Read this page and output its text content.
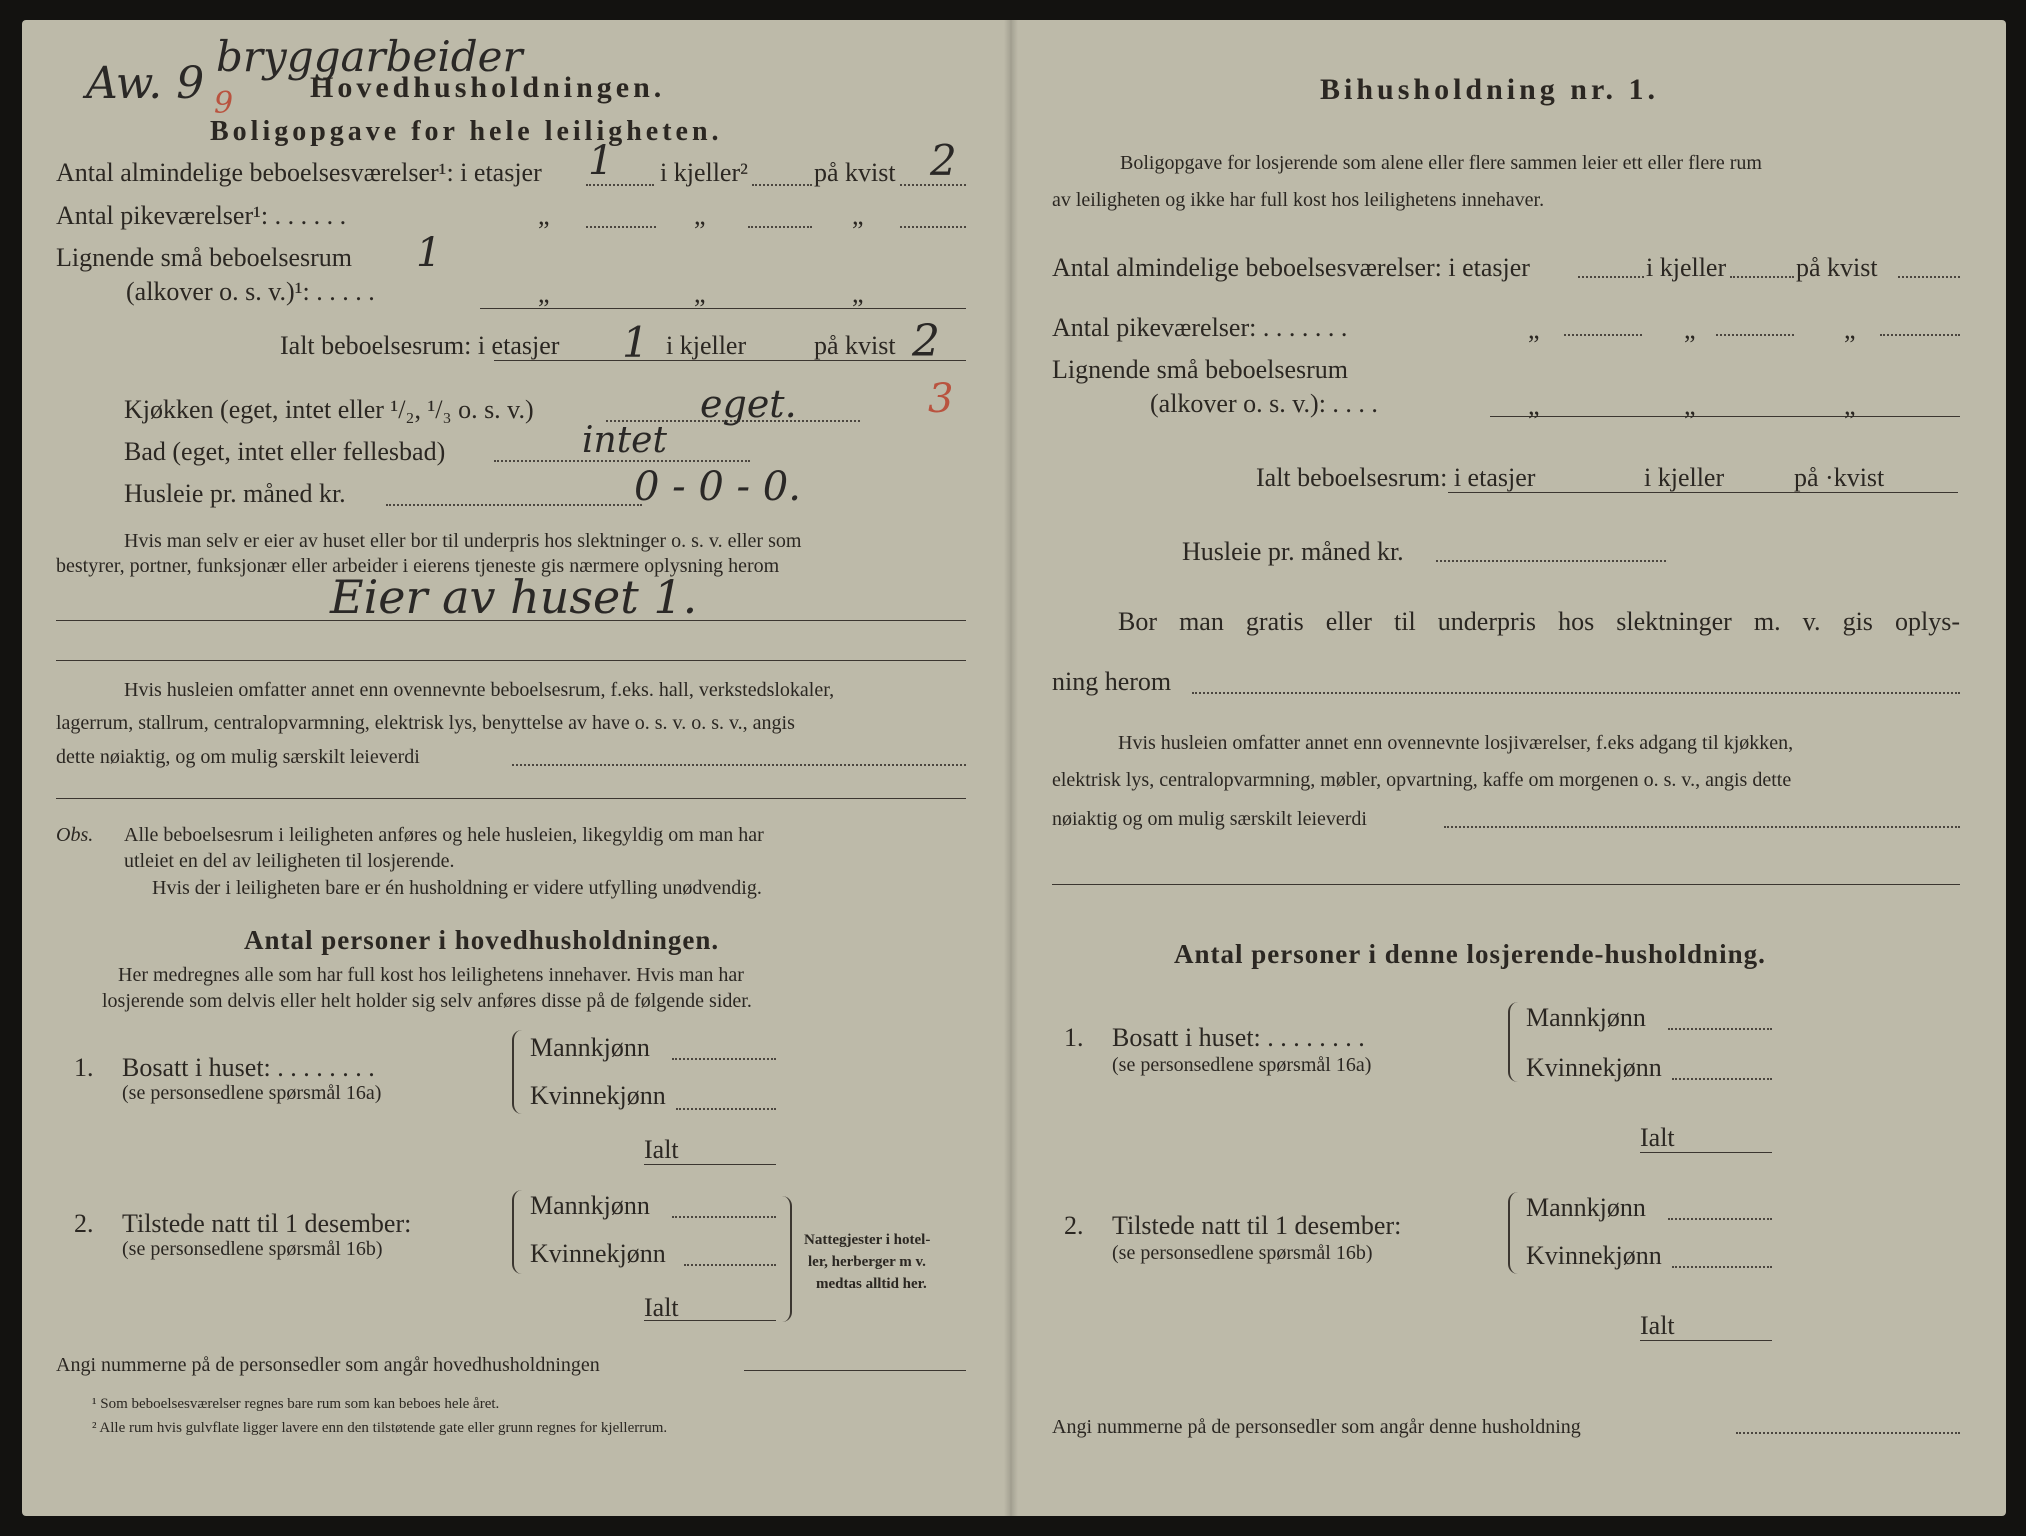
Aw. 9
bryggarbeider
9	Hovedhusholdningen.
Boligopgave for hele leiligheten.
Antal almindelige beboelsesværelser¹: i etasjer 1 i kjeller²	på kvist 2
Antal pikeværelser¹: . . . . . .	„	„	„
Lignende små beboelsesrum 1
(alkover o. s. v.)¹: . . . . .	„	„	„
Ialt beboelsesrum: i etasjer 1 i kjeller	på kvist 2
3
Kjøkken (eget, intet eller ¹/₂, ¹/₃ o. s. v.)	eget.
Bad (eget, intet eller fellesbad)	intet
Husleie pr. måned kr.	0 - 0 - 0.
Hvis man selv er eier av huset eller bor til underpris hos slektninger o. s. v. eller som
bestyrer, portner, funksjonær eller arbeider i eierens tjeneste gis nærmere oplysning herom
Eier av huset 1.
Hvis husleien omfatter annet enn ovennevnte beboelsesrum, f.eks. hall, verkstedslokaler,
lagerrum, stallrum, centralopvarmning, elektrisk lys, benyttelse av have o. s. v. o. s. v., angis
dette nøiaktig, og om mulig særskilt leieverdi
Obs. Alle beboelsesrum i leiligheten anføres og hele husleien, likegyldig om man har
utleiet en del av leiligheten til losjerende.
Hvis der i leiligheten bare er én husholdning er videre utfylling unødvendig.
Antal personer i hovedhusholdningen.
Her medregnes alle som har full kost hos leilighetens innehaver. Hvis man har
losjerende som delvis eller helt holder sig selv anføres disse på de følgende sider.
1. Bosatt i huset: . . . . . . . .
(se personsedlene spørsmål 16a)
Mannkjønn
Kvinnekjønn
Ialt
2. Tilstede natt til 1 desember:
(se personsedlene spørsmål 16b)
Mannkjønn
Kvinnekjønn
Ialt
Nattegjester i hotel-
ler, herberger m v.
medtas alltid her.
Angi nummerne på de personsedler som angår hovedhusholdningen
¹ Som beboelsesværelser regnes bare rum som kan beboes hele året.
² Alle rum hvis gulvflate ligger lavere enn den tilstøtende gate eller grunn regnes for kjellerrum.
Bihusholdning nr. 1.
Boligopgave for losjerende som alene eller flere sammen leier ett eller flere rum
av leiligheten og ikke har full kost hos leilighetens innehaver.
Antal almindelige beboelsesværelser: i etasjer	i kjeller	på kvist
Antal pikeværelser: . . . . . . .	„	„	„
Lignende små beboelsesrum
(alkover o. s. v.): . . . .	„	„	„
Ialt beboelsesrum: i etasjer	i kjeller	på ·kvist
Husleie pr. måned kr.
Bor man gratis eller til underpris hos slektninger m. v. gis oplys-
ning herom
Hvis husleien omfatter annet enn ovennevnte losjiværelser, f.eks adgang til kjøkken,
elektrisk lys, centralopvarmning, møbler, opvartning, kaffe om morgenen o. s. v., angis dette
nøiaktig og om mulig særskilt leieverdi
Antal personer i denne losjerende-husholdning.
1. Bosatt i huset: . . . . . . . .
(se personsedlene spørsmål 16a)
Mannkjønn
Kvinnekjønn
Ialt
2. Tilstede natt til 1 desember:
(se personsedlene spørsmål 16b)
Mannkjønn
Kvinnekjønn
Ialt
Angi nummerne på de personsedler som angår denne husholdning
